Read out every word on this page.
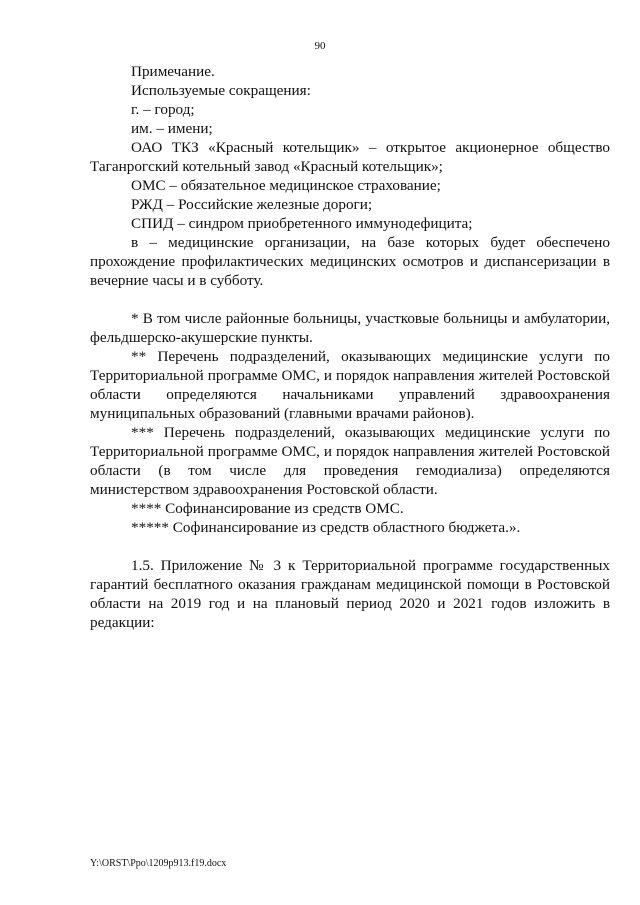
90

Примечание.

Используемые сокращения:

г. – город;

им. – имени;

ОАО ТКЗ «Красный котельщик» – открытое акционерное общество Таганрогский котельный завод «Красный котельщик»;

ОМС – обязательное медицинское страхование;

РЖД – Российские железные дороги;

СПИД – синдром приобретенного иммунодефицита;

в – медицинские организации, на базе которых будет обеспечено прохождение профилактических медицинских осмотров и диспансеризации в вечерние часы и в субботу.

* В том числе районные больницы, участковые больницы и амбулатории, фельдшерско-акушерские пункты.

** Перечень подразделений, оказывающих медицинские услуги по Территориальной программе ОМС, и порядок направления жителей Ростовской области определяются начальниками управлений здравоохранения муниципальных образований (главными врачами районов).

*** Перечень подразделений, оказывающих медицинские услуги по Территориальной программе ОМС, и порядок направления жителей Ростовской области (в том числе для проведения гемодиализа) определяются министерством здравоохранения Ростовской области.

**** Софинансирование из средств ОМС.

***** Софинансирование из средств областного бюджета.».

1.5. Приложение № 3 к Территориальной программе государственных гарантий бесплатного оказания гражданам медицинской помощи в Ростовской области на 2019 год и на плановый период 2020 и 2021 годов изложить в редакции:

Y:\ORST\Ppo\1209p913.f19.docx
